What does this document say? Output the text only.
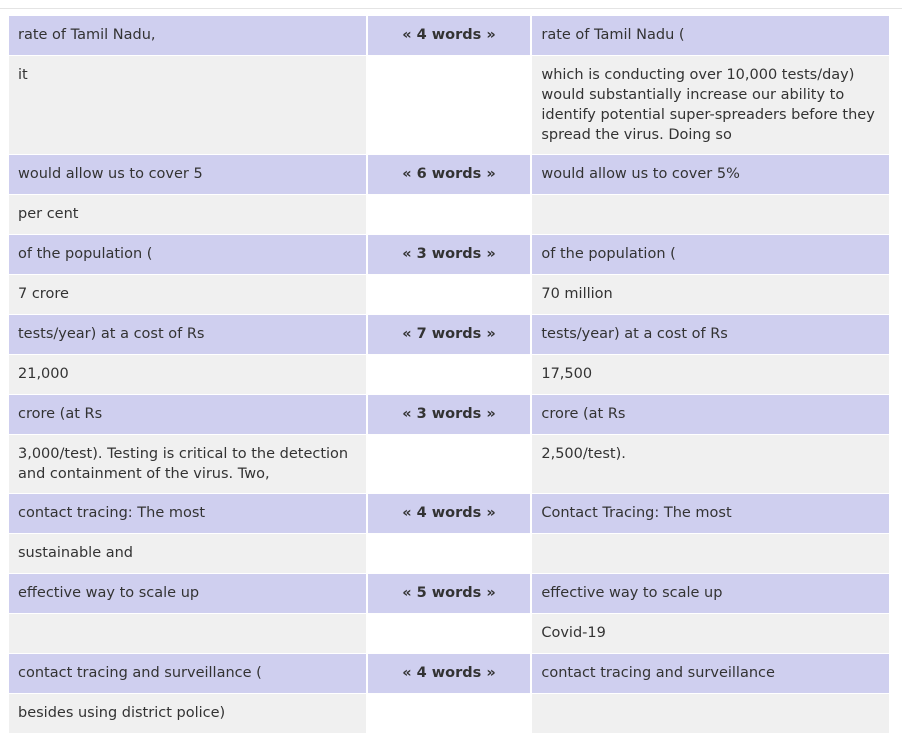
rate of Tamil Nadu,	« 4 words »	rate of Tamil Nadu (
it		which is conducting over 10,000 tests/day) would substantially increase our ability to identify potential super-spreaders before they spread the virus. Doing so
would allow us to cover 5	« 6 words »	would allow us to cover 5%
per cent		
of the population (	« 3 words »	of the population (
7 crore		70 million
tests/year) at a cost of Rs	« 7 words »	tests/year) at a cost of Rs
21,000		17,500
crore (at Rs	« 3 words »	crore (at Rs
3,000/test). Testing is critical to the detection and containment of the virus. Two,		2,500/test).
contact tracing: The most	« 4 words »	Contact Tracing: The most
sustainable and		
effective way to scale up	« 5 words »	effective way to scale up
		Covid-19
contact tracing and surveillance (	« 4 words »	contact tracing and surveillance
besides using district police)		
